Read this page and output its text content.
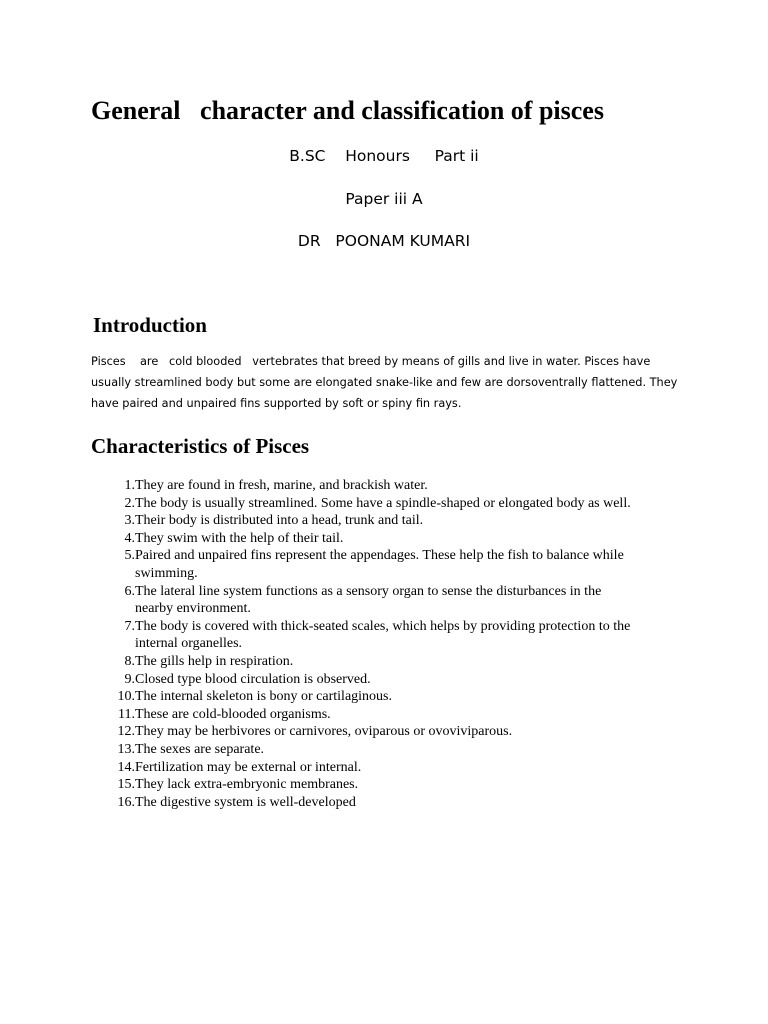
General   character and classification of pisces

B.SC    Honours     Part ii

Paper iii A

DR   POONAM KUMARI

Introduction

Pisces    are   cold blooded   vertebrates that breed by means of gills and live in water. Pisces have
usually streamlined body but some are elongated snake-like and few are dorsoventrally flattened. They
have paired and unpaired fins supported by soft or spiny fin rays.

Characteristics of Pisces
1. They are found in fresh, marine, and brackish water.
2. The body is usually streamlined. Some have a spindle-shaped or elongated body as well.
3. Their body is distributed into a head, trunk and tail.
4. They swim with the help of their tail.
5. Paired and unpaired fins represent the appendages. These help the fish to balance while
swimming.
6. The lateral line system functions as a sensory organ to sense the disturbances in the
nearby environment.
7. The body is covered with thick-seated scales, which helps by providing protection to the
internal organelles.
8. The gills help in respiration.
9. Closed type blood circulation is observed.
10. The internal skeleton is bony or cartilaginous.
11. These are cold-blooded organisms.
12. They may be herbivores or carnivores, oviparous or ovoviviparous.
13. The sexes are separate.
14. Fertilization may be external or internal.
15. They lack extra-embryonic membranes.
16. The digestive system is well-developed
